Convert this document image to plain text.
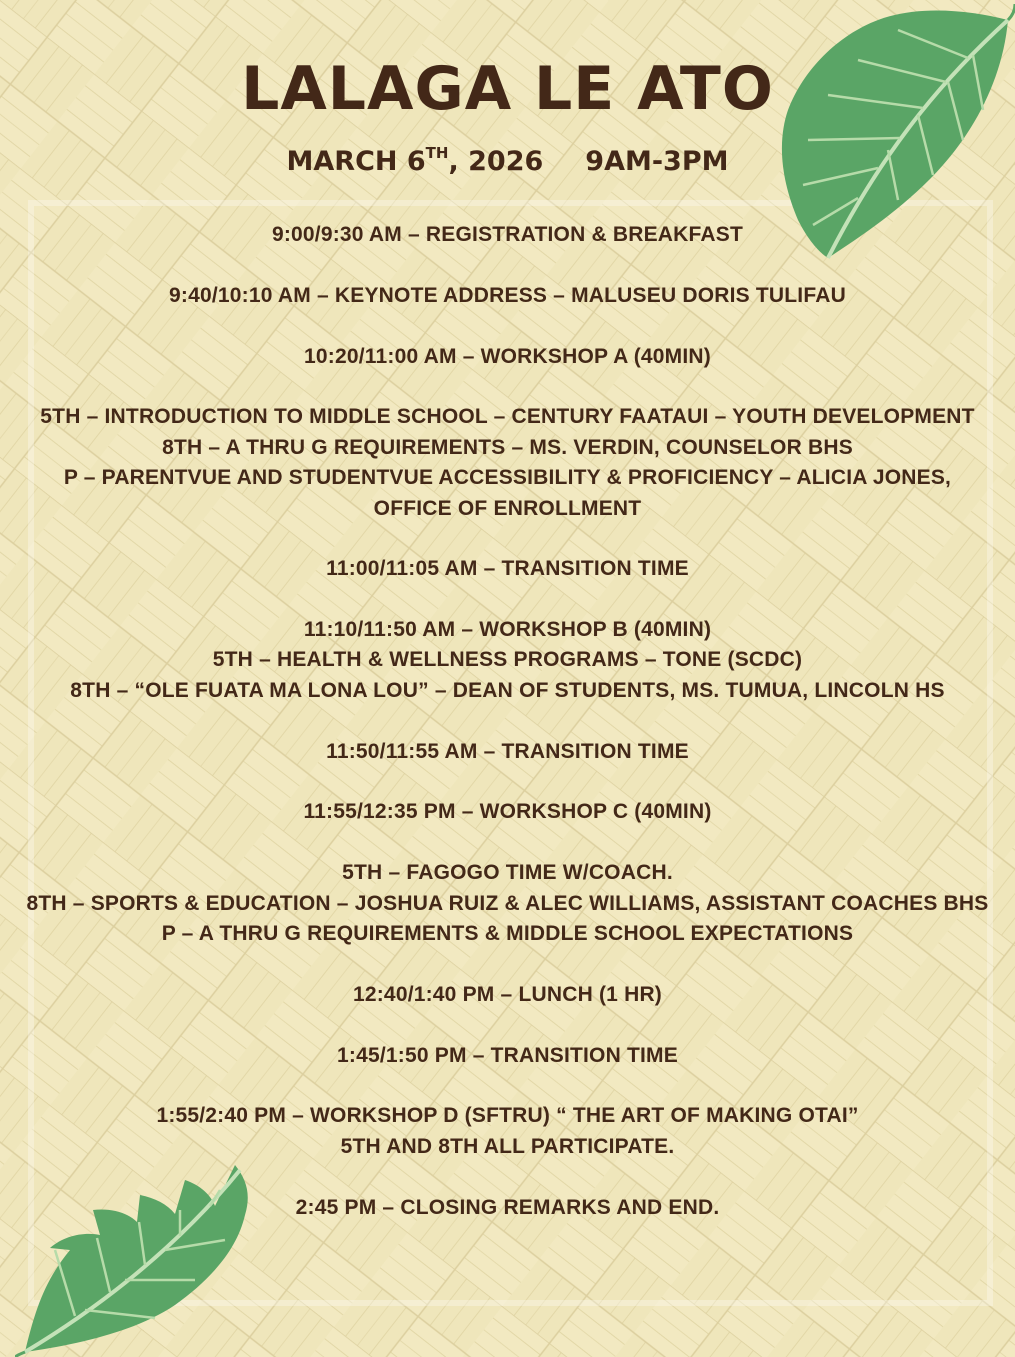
LALAGA LE ATO
MARCH 6TH, 2026 9AM-3PM
9:00/9:30 AM – REGISTRATION & BREAKFAST
9:40/10:10 AM – KEYNOTE ADDRESS – MALUSEU DORIS TULIFAU
10:20/11:00 AM – WORKSHOP A (40MIN)
5TH – INTRODUCTION TO MIDDLE SCHOOL – CENTURY FAATAUI – YOUTH DEVELOPMENT
8TH – A THRU G REQUIREMENTS – MS. VERDIN, COUNSELOR BHS
P – PARENTVUE AND STUDENTVUE ACCESSIBILITY & PROFICIENCY – ALICIA JONES,
OFFICE OF ENROLLMENT
11:00/11:05 AM – TRANSITION TIME
11:10/11:50 AM – WORKSHOP B (40MIN)
5TH – HEALTH & WELLNESS PROGRAMS – TONE (SCDC)
8TH – “OLE FUATA MA LONA LOU” – DEAN OF STUDENTS, MS. TUMUA, LINCOLN HS
11:50/11:55 AM – TRANSITION TIME
11:55/12:35 PM – WORKSHOP C (40MIN)
5TH – FAGOGO TIME W/COACH.
8TH – SPORTS & EDUCATION – JOSHUA RUIZ & ALEC WILLIAMS, ASSISTANT COACHES BHS
P – A THRU G REQUIREMENTS & MIDDLE SCHOOL EXPECTATIONS
12:40/1:40 PM – LUNCH (1 HR)
1:45/1:50 PM – TRANSITION TIME
1:55/2:40 PM – WORKSHOP D (SFTRU) “ THE ART OF MAKING OTAI”
5TH AND 8TH ALL PARTICIPATE.
2:45 PM – CLOSING REMARKS AND END.
